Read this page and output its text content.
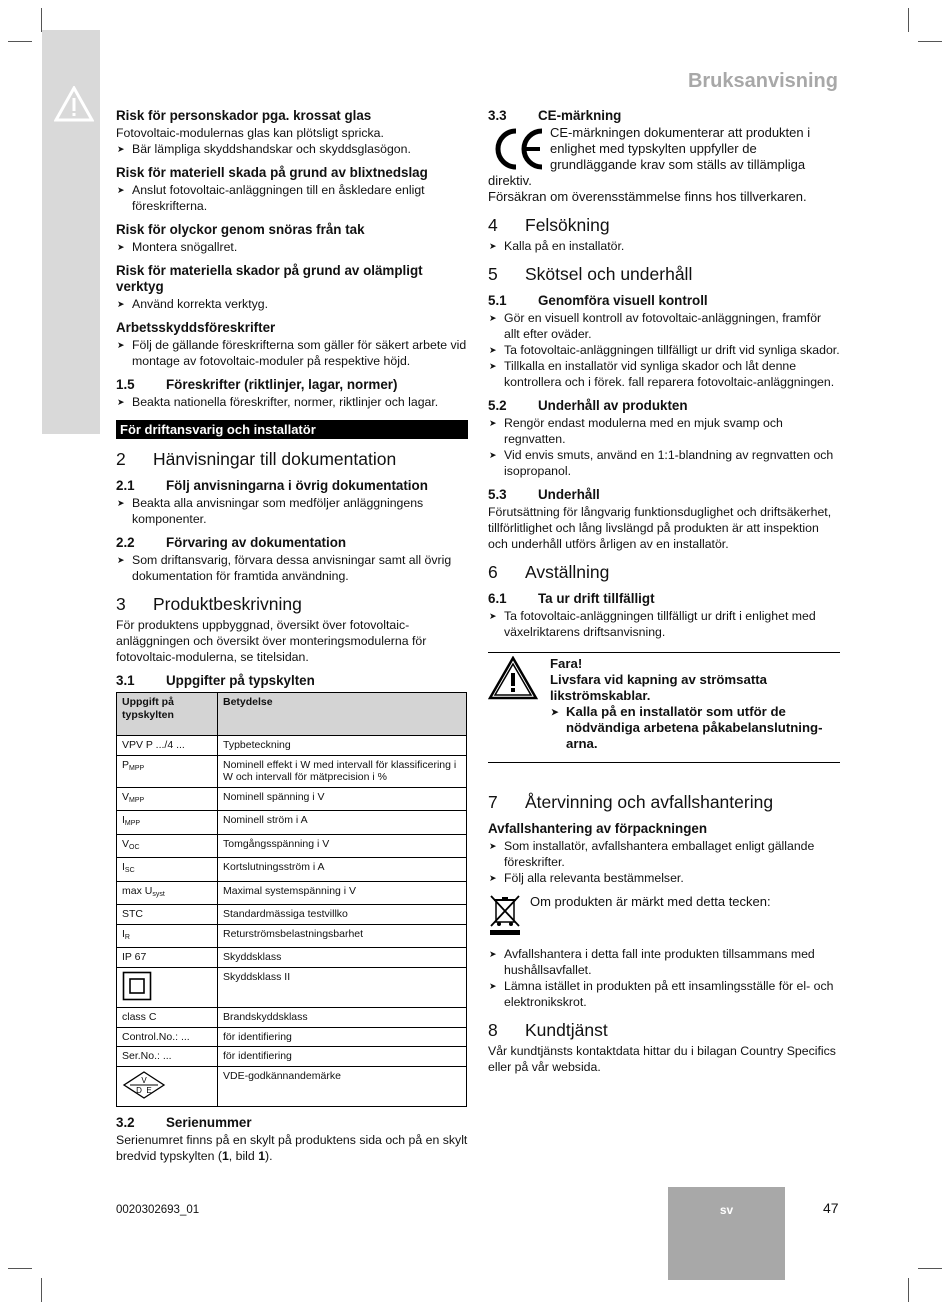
Bruksanvisning
Risk för personskador pga. krossat glas

Fotovoltaic-modulernas glas kan plötsligt spricka.

➤ Bär lämpliga skyddshandskar och skyddsglasögon.

Risk för materiell skada på grund av blixtnedslag

➤ Anslut fotovoltaic-anläggningen till en åskledare enligt föreskrifterna.

Risk för olyckor genom snöras från tak

➤ Montera snögallret.

Risk för materiella skador på grund av olämpligt verktyg

➤ Använd korrekta verktyg.

Arbetsskyddsföreskrifter

➤ Följ de gällande föreskrifterna som gäller för säkert arbete vid montage av fotovoltaic-moduler på respektive höjd.

1.5 Föreskrifter (riktlinjer, lagar, normer)

➤ Beakta nationella föreskrifter, normer, riktlinjer och lagar.

För driftansvarig och installatör
2 Hänvisningar till dokumentation
2.1 Följ anvisningarna i övrig dokumentation

➤ Beakta alla anvisningar som medföljer anläggningens komponenter.

2.2 Förvaring av dokumentation

➤ Som driftansvarig, förvara dessa anvisningar samt all övrig dokumentation för framtida användning.

3 Produktbeskrivning

För produktens uppbyggnad, översikt över fotovoltaic-anläggningen och översikt över monteringsmodulerna för fotovoltaic-modulerna, se titelsidan.

3.1 Uppgifter på typskylten
Uppgift på typskylten	Betydelse
VPV P .../4 ...	Typbeteckning
$P_{MPP}$	Nominell effekt i W med intervall för klassificering i W och intervall för mätprecision i %
$V_{MPP}$	Nominell spänning i V
$I_{MPP}$	Nominell ström i A
$V_{OC}$	Tomgångsspänning i V
$I_{SC}$	Kortslutningsström i A
$\max U_{syst}$	Maximal systemspänning i V
STC	Standardmässiga testvillko
$I_R$	Returströmsbelastningsbarhet
IP 67	Skyddsklass
	Skyddsklass II
class C	Brandskyddsklass
Control.No.: ...	för identifiering
Ser.No.: ...	för identifiering

V
D E	VDE-godkännandemärke
3.2 Serienummer

Serienumret finns på en skylt på produktens sida och på en skylt bredvid typskylten (1, bild 1).

3.3 CE-märkning

CE-märkningen dokumenterar att produkten i enlighet med typskylten uppfyller de grundläggande krav som ställs av tillämpliga

direktiv.

Försäkran om överensstämmelse finns hos tillverkaren.

4 Felsökning

➤ Kalla på en installatör.

5 Skötsel och underhåll
5.1 Genomföra visuell kontroll

➤ Gör en visuell kontroll av fotovoltaic-anläggningen, framför allt efter oväder.

➤ Ta fotovoltaic-anläggningen tillfälligt ur drift vid synliga skador.

➤ Tillkalla en installatör vid synliga skador och låt denne kontrollera och i förek. fall reparera fotovoltaic-anläggningen.

5.2 Underhåll av produkten

➤ Rengör endast modulerna med en mjuk svamp och regnvatten.

➤ Vid envis smuts, använd en 1:1-blandning av regnvatten och isopropanol.

5.3 Underhåll

Förutsättning för långvarig funktionsduglighet och driftsäkerhet, tillförlitlighet och lång livslängd på produkten är att inspektion och underhåll utförs årligen av en installatör.

6 Avställning
6.1 Ta ur drift tillfälligt

➤ Ta fotovoltaic-anläggningen tillfälligt ur drift i enlighet med växelriktarens driftsanvisning.

Fara!
Livsfara vid kapning av strömsatta likströmskablar.
➤ Kalla på en installatör som utför de nödvändiga arbetena påkabelanslutning-arna.
7 Återvinning och avfallshantering
Avfallshantering av förpackningen

➤ Som installatör, avfallshantera emballaget enligt gällande föreskrifter.

➤ Följ alla relevanta bestämmelser.

Om produkten är märkt med detta tecken:

➤ Avfallshantera i detta fall inte produkten tillsammans med hushållsavfallet.

➤ Lämna istället in produkten på ett insamlingsställe för el- och elektronikskrot.

8 Kundtjänst

Vår kundtjänsts kontaktdata hittar du i bilagan Country Specifics eller på vår websida.

0020302693_01	sv	47
